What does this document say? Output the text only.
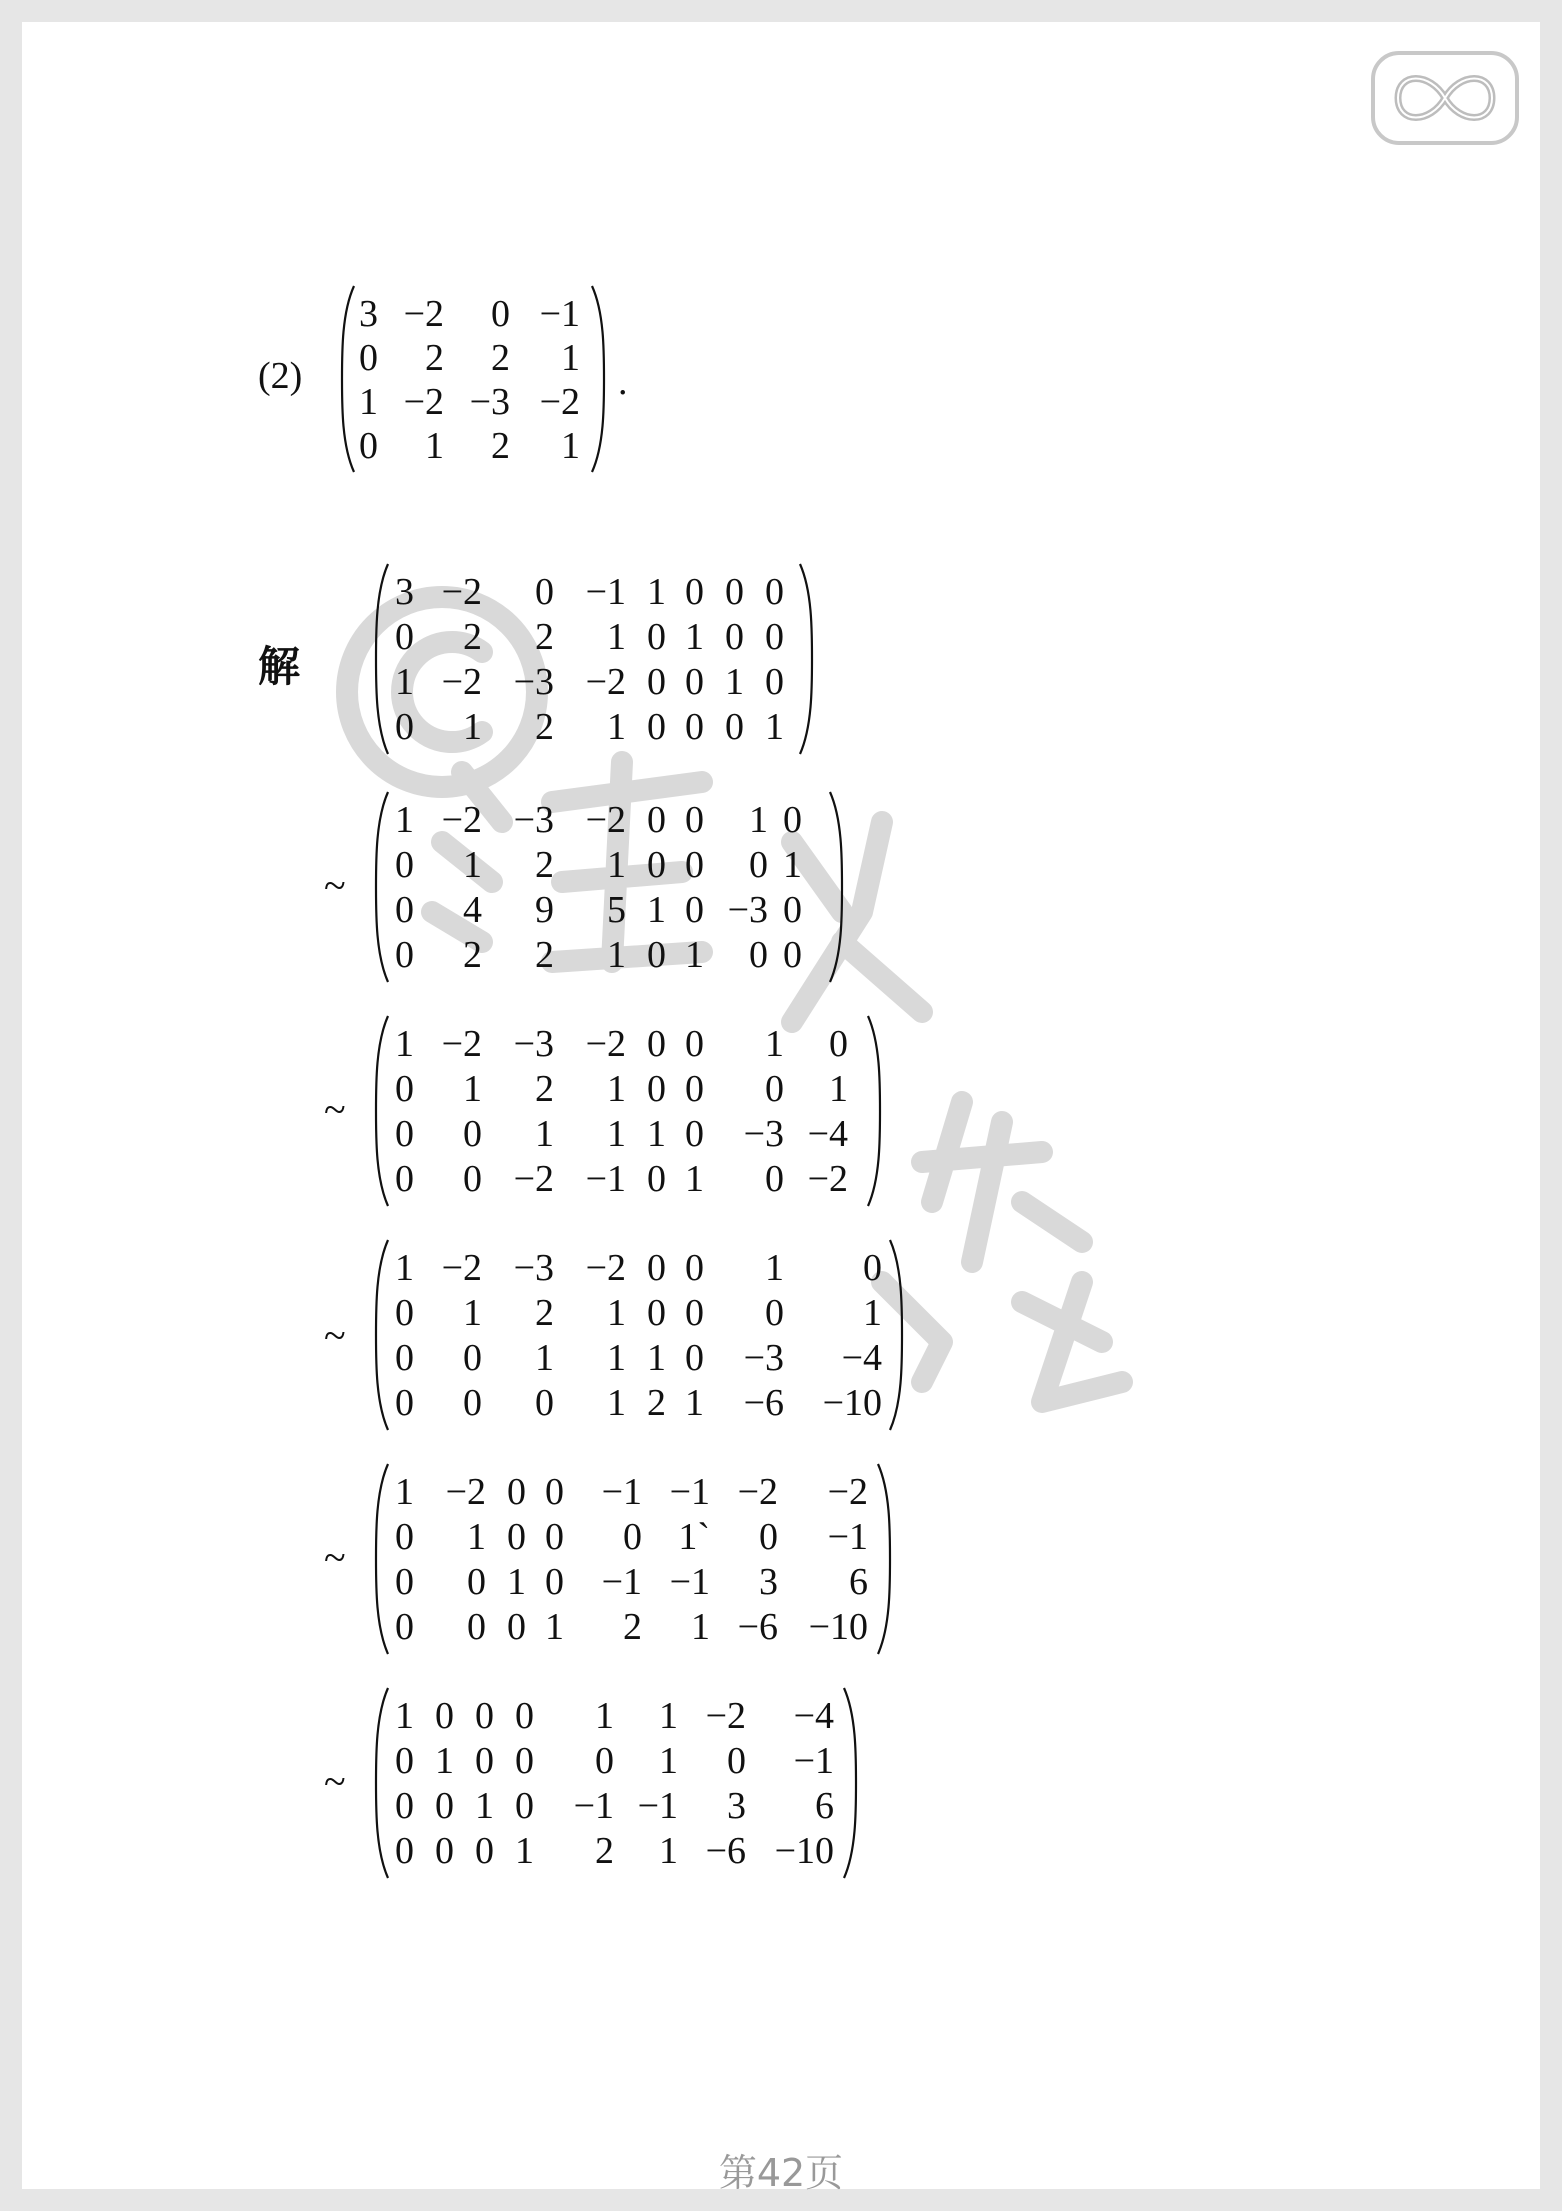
(2)	.
解
~
~
~
~
~
3 −2 0 −1
0 2 2 1
1 −2 −3 −2
0 1 2 1
3 −2 0 −1 1 0 0 0
0 2 2 1 0 1 0 0
1 −2 −3 −2 0 0 1 0
0 1 2 1 0 0 0 1
1 −2 −3 −2 0 0 1 0
0 1 2 1 0 0 0 1
0 4 9 5 1 0 −3 0
0 2 2 1 0 1 0 0
1 −2 −3 −2 0 0 1 0
0 1 2 1 0 0 0 1
0 0 1 1 1 0 −3 −4
0 0 −2 −1 0 1 0 −2
1 −2 −3 −2 0 0 1 0
0 1 2 1 0 0 0 1
0 0 1 1 1 0 −3 −4
0 0 0 1 2 1 −6 −10
1 −2 0 0 −1 −1 −2 −2
0 1 0 0 0 1` 0 −1
0 0 1 0 −1 −1 3 6
0 0 0 1 2 1 −6 −10
1 0 0 0 1 1 −2 −4
0 1 0 0 0 1 0 −1
0 0 1 0 −1 −1 3 6
0 0 0 1 2 1 −6 −10
第42页
